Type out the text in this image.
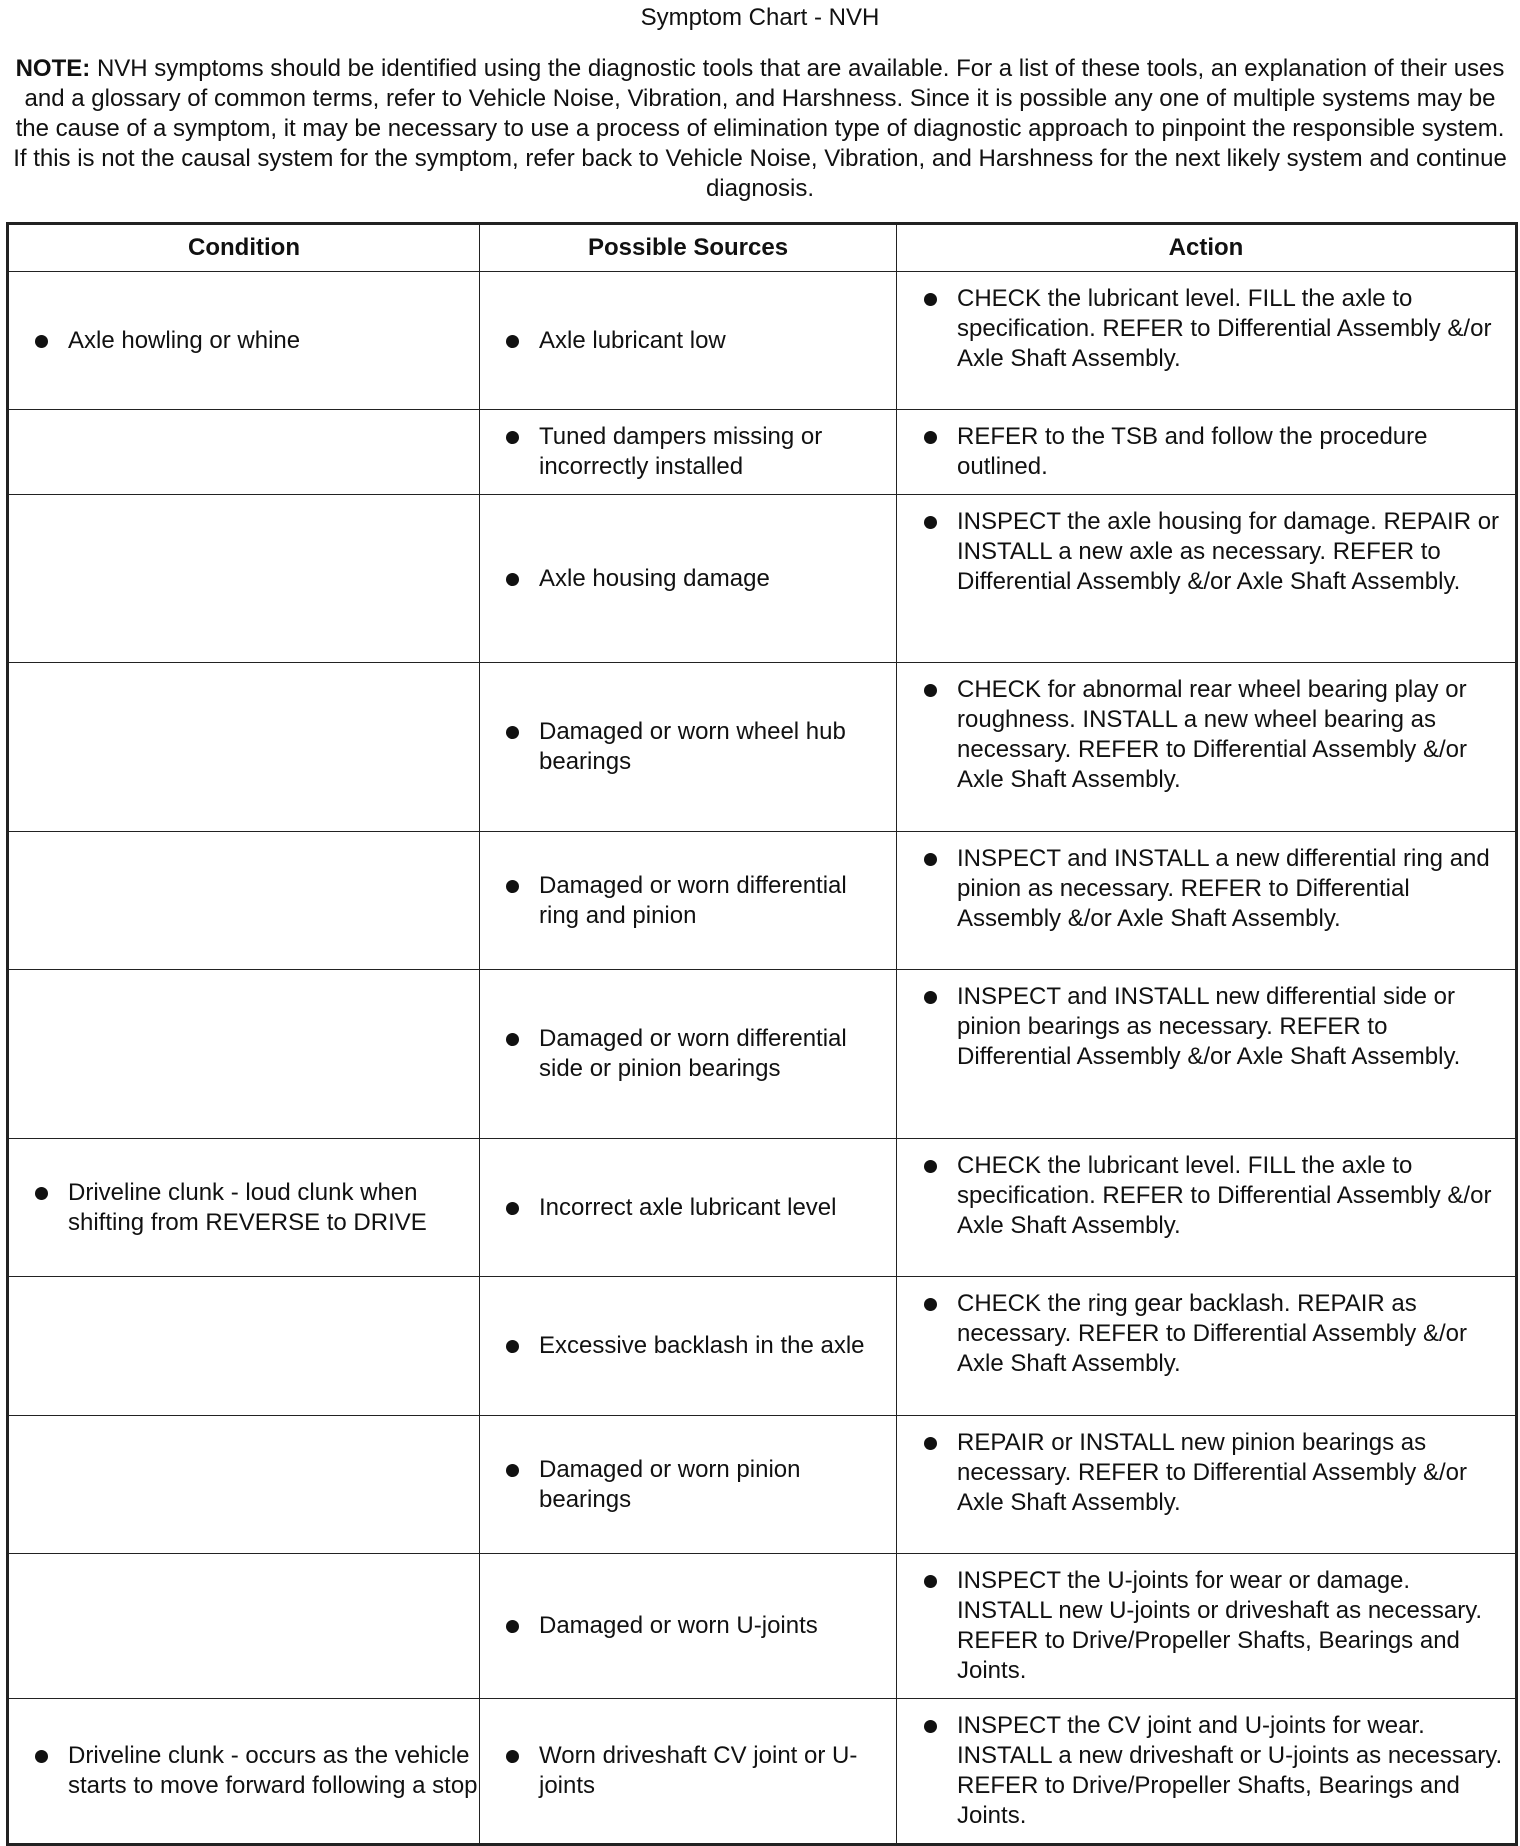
Symptom Chart - NVH
NOTE: NVH symptoms should be identified using the diagnostic tools that are available. For a list of these tools, an explanation of their uses and a glossary of common terms, refer to Vehicle Noise, Vibration, and Harshness. Since it is possible any one of multiple systems may be the cause of a symptom, it may be necessary to use a process of elimination type of diagnostic approach to pinpoint the responsible system. If this is not the causal system for the symptom, refer back to Vehicle Noise, Vibration, and Harshness for the next likely system and continue diagnosis.
Condition	Possible Sources	Action

Axle howling or whine	Axle lubricant low	CHECK the lubricant level. FILL the axle to specification. REFER to Differential Assembly &/or Axle Shaft Assembly.

	Tuned dampers missing or incorrectly installed	REFER to the TSB and follow the procedure outlined.

	Axle housing damage	INSPECT the axle housing for damage. REPAIR or INSTALL a new axle as necessary. REFER to Differential Assembly &/or Axle Shaft Assembly.

	Damaged or worn wheel hub bearings	CHECK for abnormal rear wheel bearing play or roughness. INSTALL a new wheel bearing as necessary. REFER to Differential Assembly &/or Axle Shaft Assembly.

	Damaged or worn differential ring and pinion	INSPECT and INSTALL a new differential ring and pinion as necessary. REFER to Differential Assembly &/or Axle Shaft Assembly.

	Damaged or worn differential side or pinion bearings	INSPECT and INSTALL new differential side or pinion bearings as necessary. REFER to Differential Assembly &/or Axle Shaft Assembly.

Driveline clunk - loud clunk when shifting from REVERSE to DRIVE	Incorrect axle lubricant level	CHECK the lubricant level. FILL the axle to specification. REFER to Differential Assembly &/or Axle Shaft Assembly.

	Excessive backlash in the axle	CHECK the ring gear backlash. REPAIR as necessary. REFER to Differential Assembly &/or Axle Shaft Assembly.

	Damaged or worn pinion bearings	REPAIR or INSTALL new pinion bearings as necessary. REFER to Differential Assembly &/or Axle Shaft Assembly.

	Damaged or worn U-joints	INSPECT the U-joints for wear or damage. INSTALL new U-joints or driveshaft as necessary. REFER to Drive/Propeller Shafts, Bearings and Joints.

Driveline clunk - occurs as the vehicle starts to move forward following a stop	Worn driveshaft CV joint or U-joints	INSPECT the CV joint and U-joints for wear. INSTALL a new driveshaft or U-joints as necessary. REFER to Drive/Propeller Shafts, Bearings and Joints.
